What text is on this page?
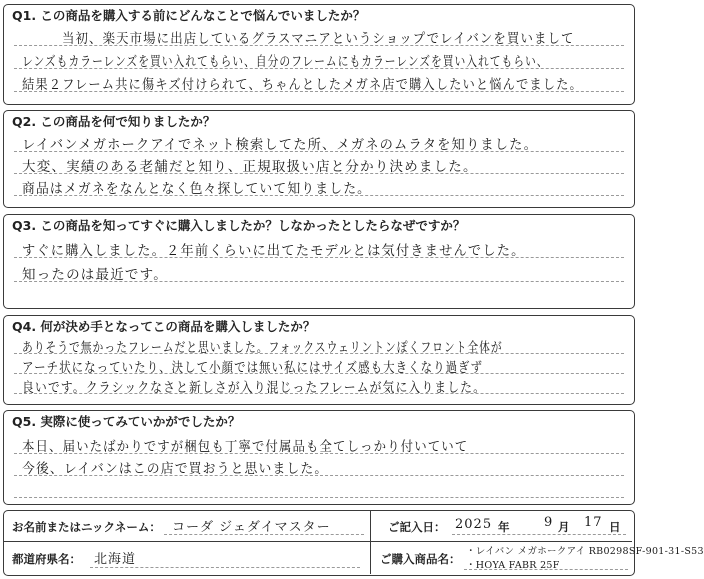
Q1. この商品を購入する前にどんなことで悩んでいましたか？
当初、楽天市場に出店しているグラスマニアというショップでレイバンを買いまして
レンズもカラーレンズを買い入れてもらい、自分のフレームにもカラーレンズを買い入れてもらい、
結果２フレーム共に傷キズ付けられて、ちゃんとしたメガネ店で購入したいと悩んでました。
Q2. この商品を何で知りましたか？
レイバンメガホークアイでネット検索してた所、メガネのムラタを知りました。
大変、実績のある老舗だと知り、正規取扱い店と分かり決めました。
商品はメガネをなんとなく色々探していて知りました。
Q3. この商品を知ってすぐに購入しましたか？しなかったとしたらなぜですか？
すぐに購入しました。２年前くらいに出てたモデルとは気付きませんでした。
知ったのは最近です。
Q4. 何が決め手となってこの商品を購入しましたか？
ありそうで無かったフレームだと思いました。フォックスウェリントンぽくフロント全体が
アーチ状になっていたり、決して小顔では無い私にはサイズ感も大きくなり過ぎず
良いです。クラシックなさと新しさが入り混じったフレームが気に入りました。
Q5. 実際に使ってみていかがでしたか？
本日、届いたばかりですが梱包も丁寧で付属品も全てしっかり付いていて
今後、レイバンはこの店で買おうと思いました。
お名前またはニックネーム： コーダ ジェダイマスター	ご記入日： 2025 年	9 月 17 日
都道府県名： 北海道	ご購入商品名：
・レイバン メガホークアイ RB0298SF-901-31-S53
・HOYA FABR 25F
